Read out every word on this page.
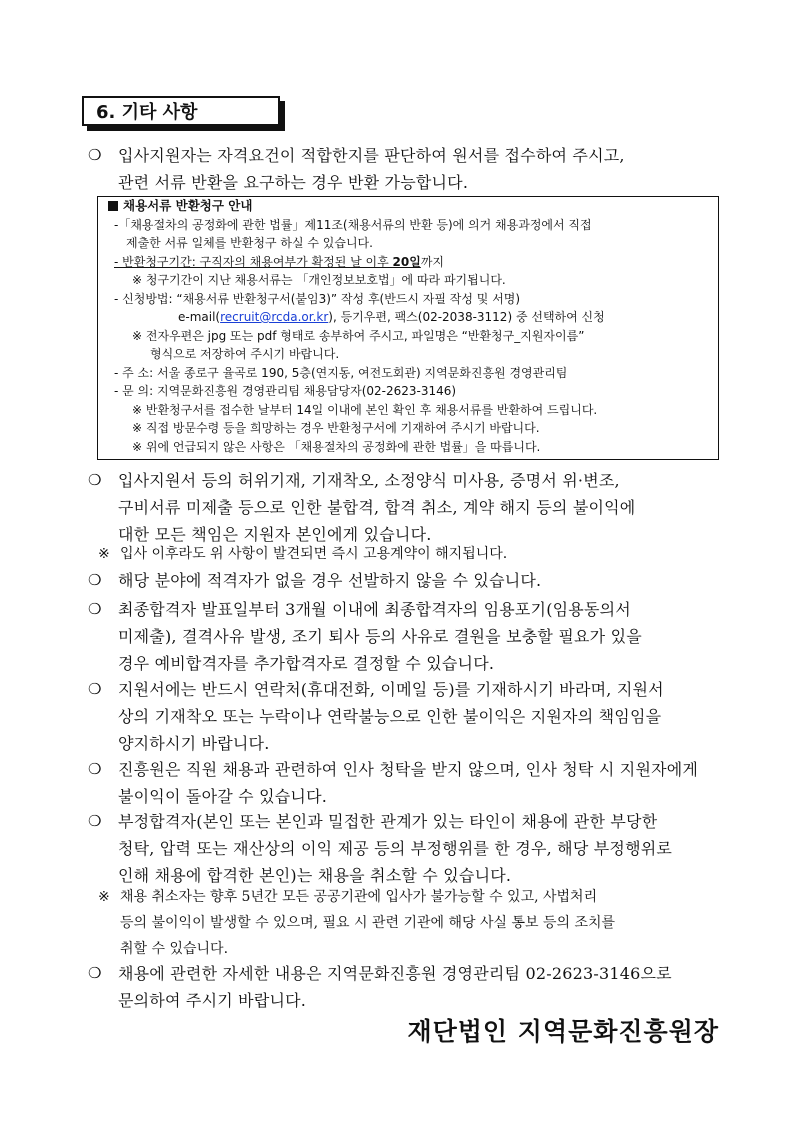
6. 기타 사항
❍ 입사지원자는 자격요건이 적합한지를 판단하여 원서를 접수하여 주시고,
관련 서류 반환을 요구하는 경우 반환 가능합니다.
채용서류 반환청구 안내
-「채용절차의 공정화에 관한 법률」제11조(채용서류의 반환 등)에 의거 채용과정에서 직접
제출한 서류 일체를 반환청구 하실 수 있습니다.
- 반환청구기간: 구직자의 채용여부가 확정된 날 이후 20일까지
※ 청구기간이 지난 채용서류는 「개인정보보호법」에 따라 파기됩니다.
- 신청방법: “채용서류 반환청구서(붙임3)” 작성 후(반드시 자필 작성 및 서명)
e-mail(recruit@rcda.or.kr), 등기우편, 팩스(02-2038-3112) 중 선택하여 신청
※ 전자우편은 jpg 또는 pdf 형태로 송부하여 주시고, 파일명은 “반환청구_지원자이름”
형식으로 저장하여 주시기 바랍니다.
- 주 소: 서울 종로구 율곡로 190, 5층(연지동, 여전도회관) 지역문화진흥원 경영관리팀
- 문 의: 지역문화진흥원 경영관리팀 채용담당자(02-2623-3146)
※ 반환청구서를 접수한 날부터 14일 이내에 본인 확인 후 채용서류를 반환하여 드립니다.
※ 직접 방문수령 등을 희망하는 경우 반환청구서에 기재하여 주시기 바랍니다.
※ 위에 언급되지 않은 사항은 「채용절차의 공정화에 관한 법률」을 따릅니다.
❍ 입사지원서 등의 허위기재, 기재착오, 소정양식 미사용, 증명서 위·변조,
구비서류 미제출 등으로 인한 불합격, 합격 취소, 계약 해지 등의 불이익에
대한 모든 책임은 지원자 본인에게 있습니다.
※ 입사 이후라도 위 사항이 발견되면 즉시 고용계약이 해지됩니다.
❍ 해당 분야에 적격자가 없을 경우 선발하지 않을 수 있습니다.
❍ 최종합격자 발표일부터 3개월 이내에 최종합격자의 임용포기(임용동의서
미제출), 결격사유 발생, 조기 퇴사 등의 사유로 결원을 보충할 필요가 있을
경우 예비합격자를 추가합격자로 결정할 수 있습니다.
❍ 지원서에는 반드시 연락처(휴대전화, 이메일 등)를 기재하시기 바라며, 지원서
상의 기재착오 또는 누락이나 연락불능으로 인한 불이익은 지원자의 책임임을
양지하시기 바랍니다.
❍ 진흥원은 직원 채용과 관련하여 인사 청탁을 받지 않으며, 인사 청탁 시 지원자에게
불이익이 돌아갈 수 있습니다.
❍ 부정합격자(본인 또는 본인과 밀접한 관계가 있는 타인이 채용에 관한 부당한
청탁, 압력 또는 재산상의 이익 제공 등의 부정행위를 한 경우, 해당 부정행위로
인해 채용에 합격한 본인)는 채용을 취소할 수 있습니다.
※ 채용 취소자는 향후 5년간 모든 공공기관에 입사가 불가능할 수 있고, 사법처리
등의 불이익이 발생할 수 있으며, 필요 시 관련 기관에 해당 사실 통보 등의 조치를
취할 수 있습니다.
❍ 채용에 관련한 자세한 내용은 지역문화진흥원 경영관리팀 02-2623-3146으로
문의하여 주시기 바랍니다.
재단법인 지역문화진흥원장
